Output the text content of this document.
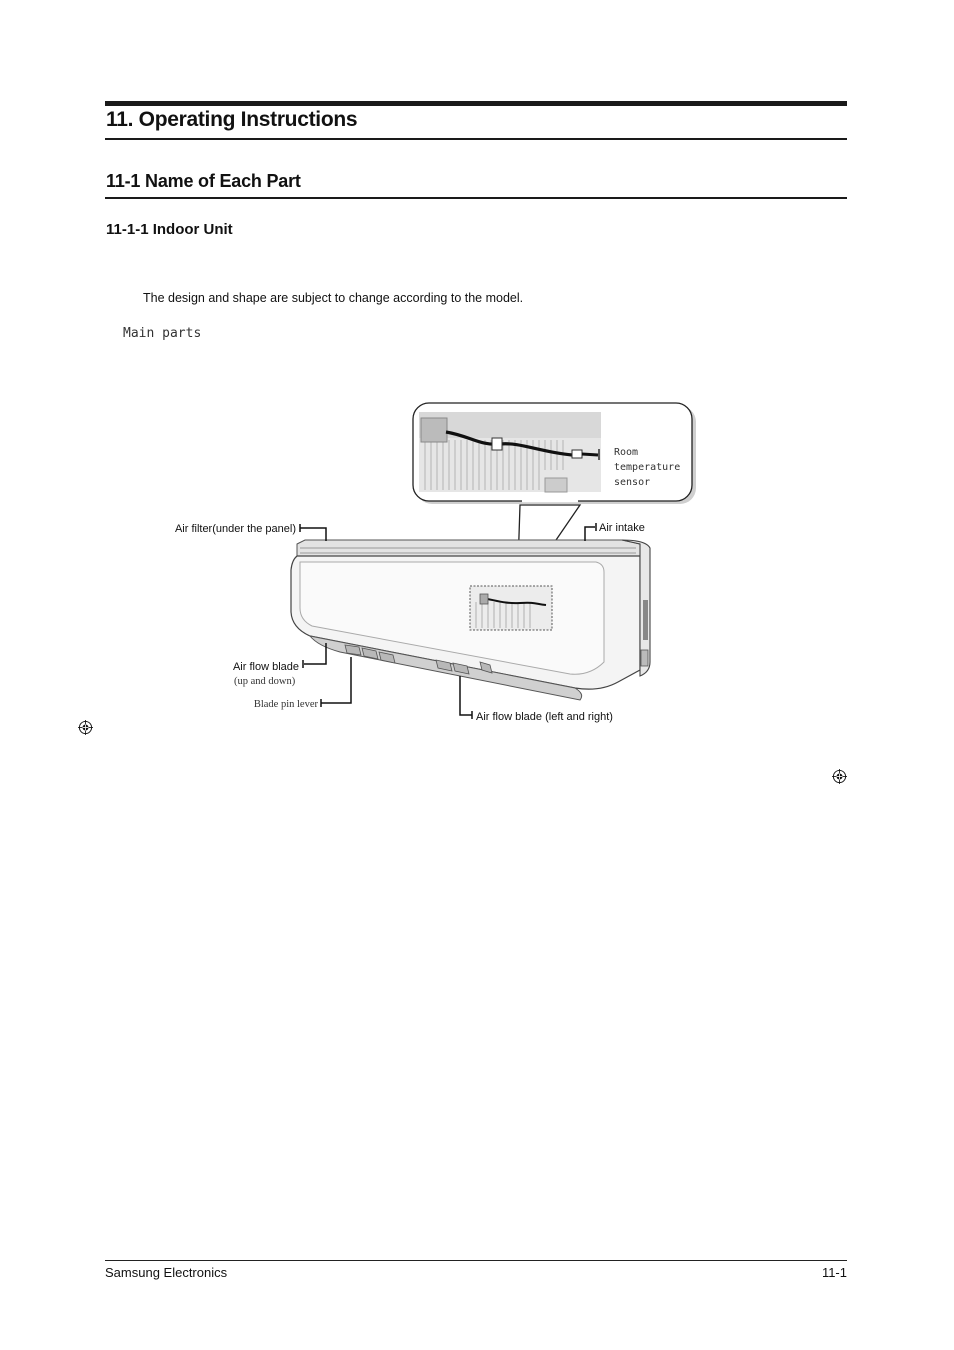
11. Operating Instructions
11-1 Name of Each Part
11-1-1 Indoor Unit
The design and shape are subject to change according to the model.
Main parts
Room
temperature
sensor
Air filter(under the panel)	Air intake
Air flow blade
(up and down)
Blade pin lever
Air flow blade (left and right)
Samsung Electronics	11-1
